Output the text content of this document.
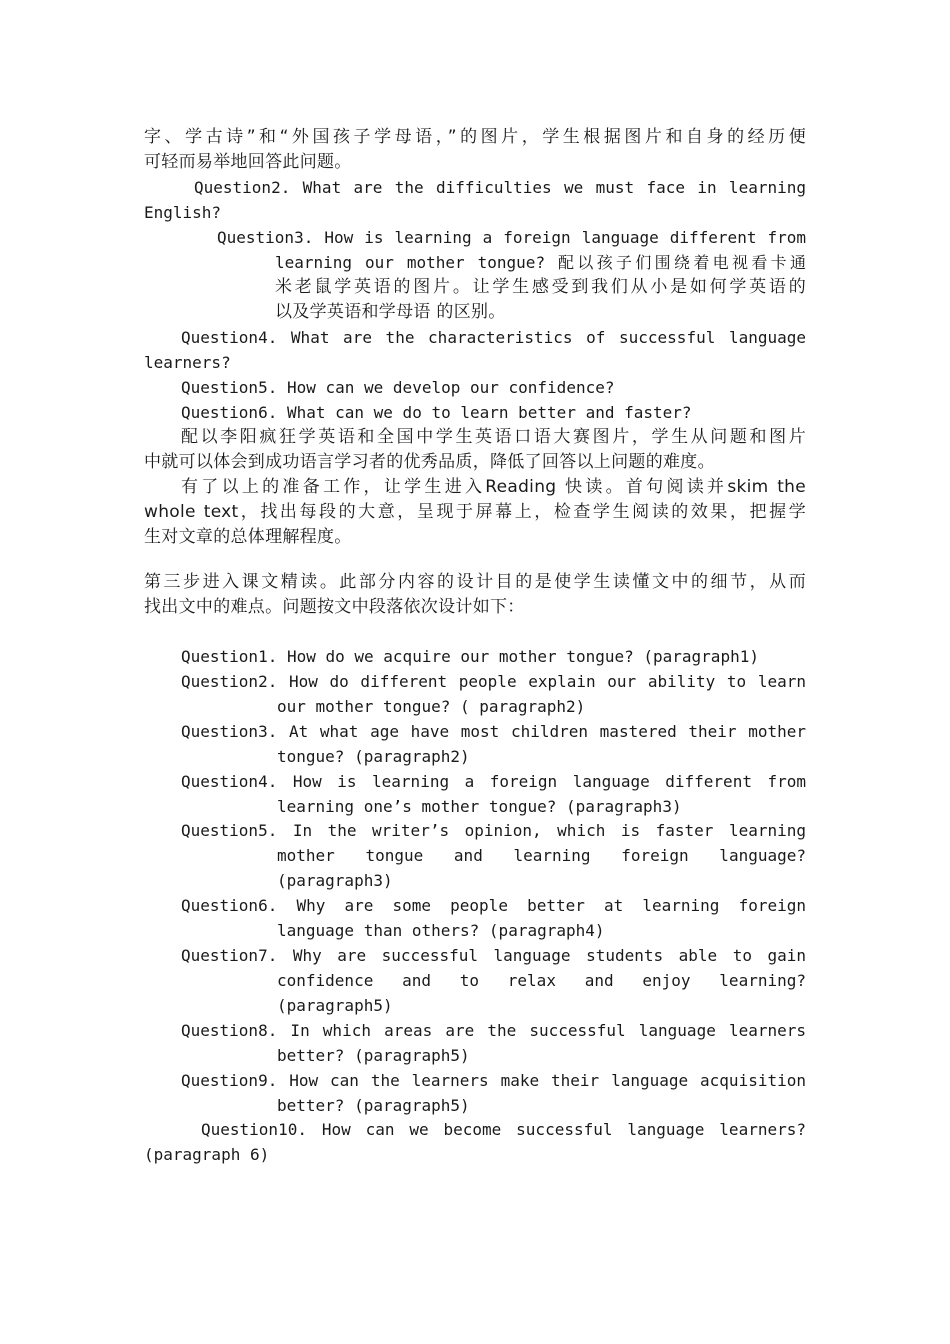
字、学古诗”和“外国孩子学母语，”的图片，学生根据图片和自身的经历便
可轻而易举地回答此问题。
Question2. What are the difficulties we must face in learning
English?
Question3. How is learning a foreign language different from
learning our mother tongue? 配以孩子们围绕着电视看卡通
米老鼠学英语的图片。让学生感受到我们从小是如何学英语的
以及学英语和学母语 的区别。
Question4. What are the characteristics of successful language
learners?
Question5. How can we develop our confidence?
Question6. What can we do to learn better and faster?
配以李阳疯狂学英语和全国中学生英语口语大赛图片，学生从问题和图片
中就可以体会到成功语言学习者的优秀品质，降低了回答以上问题的难度。
有了以上的准备工作，让学生进入Reading 快读。首句阅读并skim the
whole text，找出每段的大意，呈现于屏幕上，检查学生阅读的效果，把握学
生对文章的总体理解程度。
第三步进入课文精读。此部分内容的设计目的是使学生读懂文中的细节，从而
找出文中的难点。问题按文中段落依次设计如下：
Question1. How do we acquire our mother tongue? (paragraph1)
Question2. How do different people explain our ability to learn
our mother tongue? ( paragraph2)
Question3. At what age have most children mastered their mother
tongue? (paragraph2)
Question4. How is learning a foreign language different from
learning one’s mother tongue? (paragraph3)
Question5. In the writer’s opinion, which is faster learning
mother tongue and learning foreign language?
(paragraph3)
Question6. Why are some people better at learning foreign
language than others? (paragraph4)
Question7. Why are successful language students able to gain
confidence and to relax and enjoy learning?
(paragraph5)
Question8. In which areas are the successful language learners
better? (paragraph5)
Question9. How can the learners make their language acquisition
better? (paragraph5)
Question10. How can we become successful language learners?
(paragraph 6)
